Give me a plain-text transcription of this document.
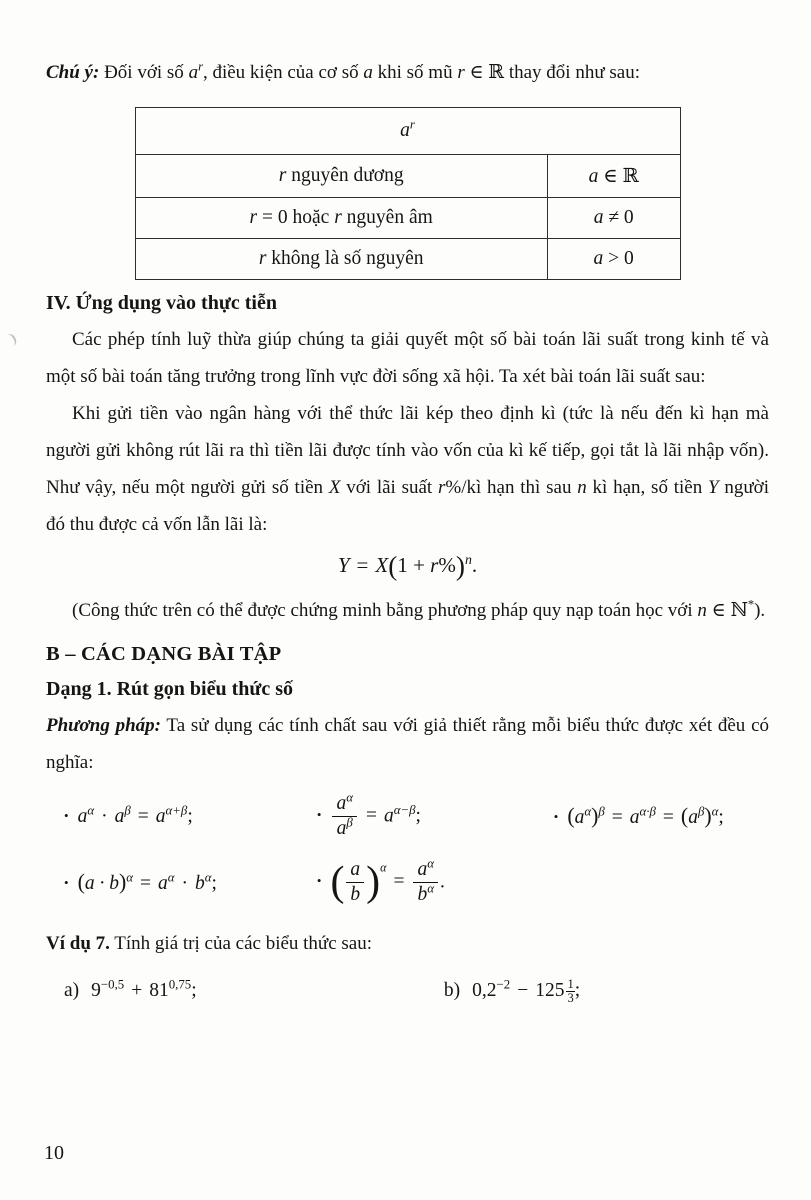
Chú ý: Đối với số $a^r$, điều kiện của cơ số a khi số mũ r ∈ ℝ thay đổi như sau:

$a^r$
r nguyên dương	a ∈ ℝ
r = 0 hoặc r nguyên âm	a ≠ 0
r không là số nguyên	a > 0
IV. Ứng dụng vào thực tiễn

Các phép tính luỹ thừa giúp chúng ta giải quyết một số bài toán lãi suất trong kinh tế và một số bài toán tăng trưởng trong lĩnh vực đời sống xã hội. Ta xét bài toán lãi suất sau:

Khi gửi tiền vào ngân hàng với thể thức lãi kép theo định kì (tức là nếu đến kì hạn mà người gửi không rút lãi ra thì tiền lãi được tính vào vốn của kì kế tiếp, gọi tắt là lãi nhập vốn). Như vậy, nếu một người gửi số tiền X với lãi suất r%/kì hạn thì sau n kì hạn, số tiền Y người đó thu được cả vốn lẫn lãi là:

$Y = X(1 + r\%)^n$.

(Công thức trên có thể được chứng minh bằng phương pháp quy nạp toán học với n ∈ ℕ*).

B – CÁC DẠNG BÀI TẬP
Dạng 1. Rút gọn biểu thức số

Phương pháp: Ta sử dụng các tính chất sau với giả thiết rằng mỗi biểu thức được xét đều có nghĩa:

• $a^\alpha \cdot a^\beta = a^{\alpha+\beta}$;	• $\frac{a^\alpha}{a^\beta} = a^{\alpha-\beta}$;	• $(a^\alpha)^\beta = a^{\alpha\cdot\beta} = (a^\beta)^\alpha$;
• $(a \cdot b)^\alpha = a^\alpha \cdot b^\alpha$;	• ( $\frac{a}{b} )^\alpha= \frac{a^\alpha}{b^\alpha}$ .

Ví dụ 7. Tính giá trị của các biểu thức sau:

a) $9^{-0,5} + 81^{0,75}$;	b) $0,2^{-2} - 125 \frac{1}{3}$ ;
10
